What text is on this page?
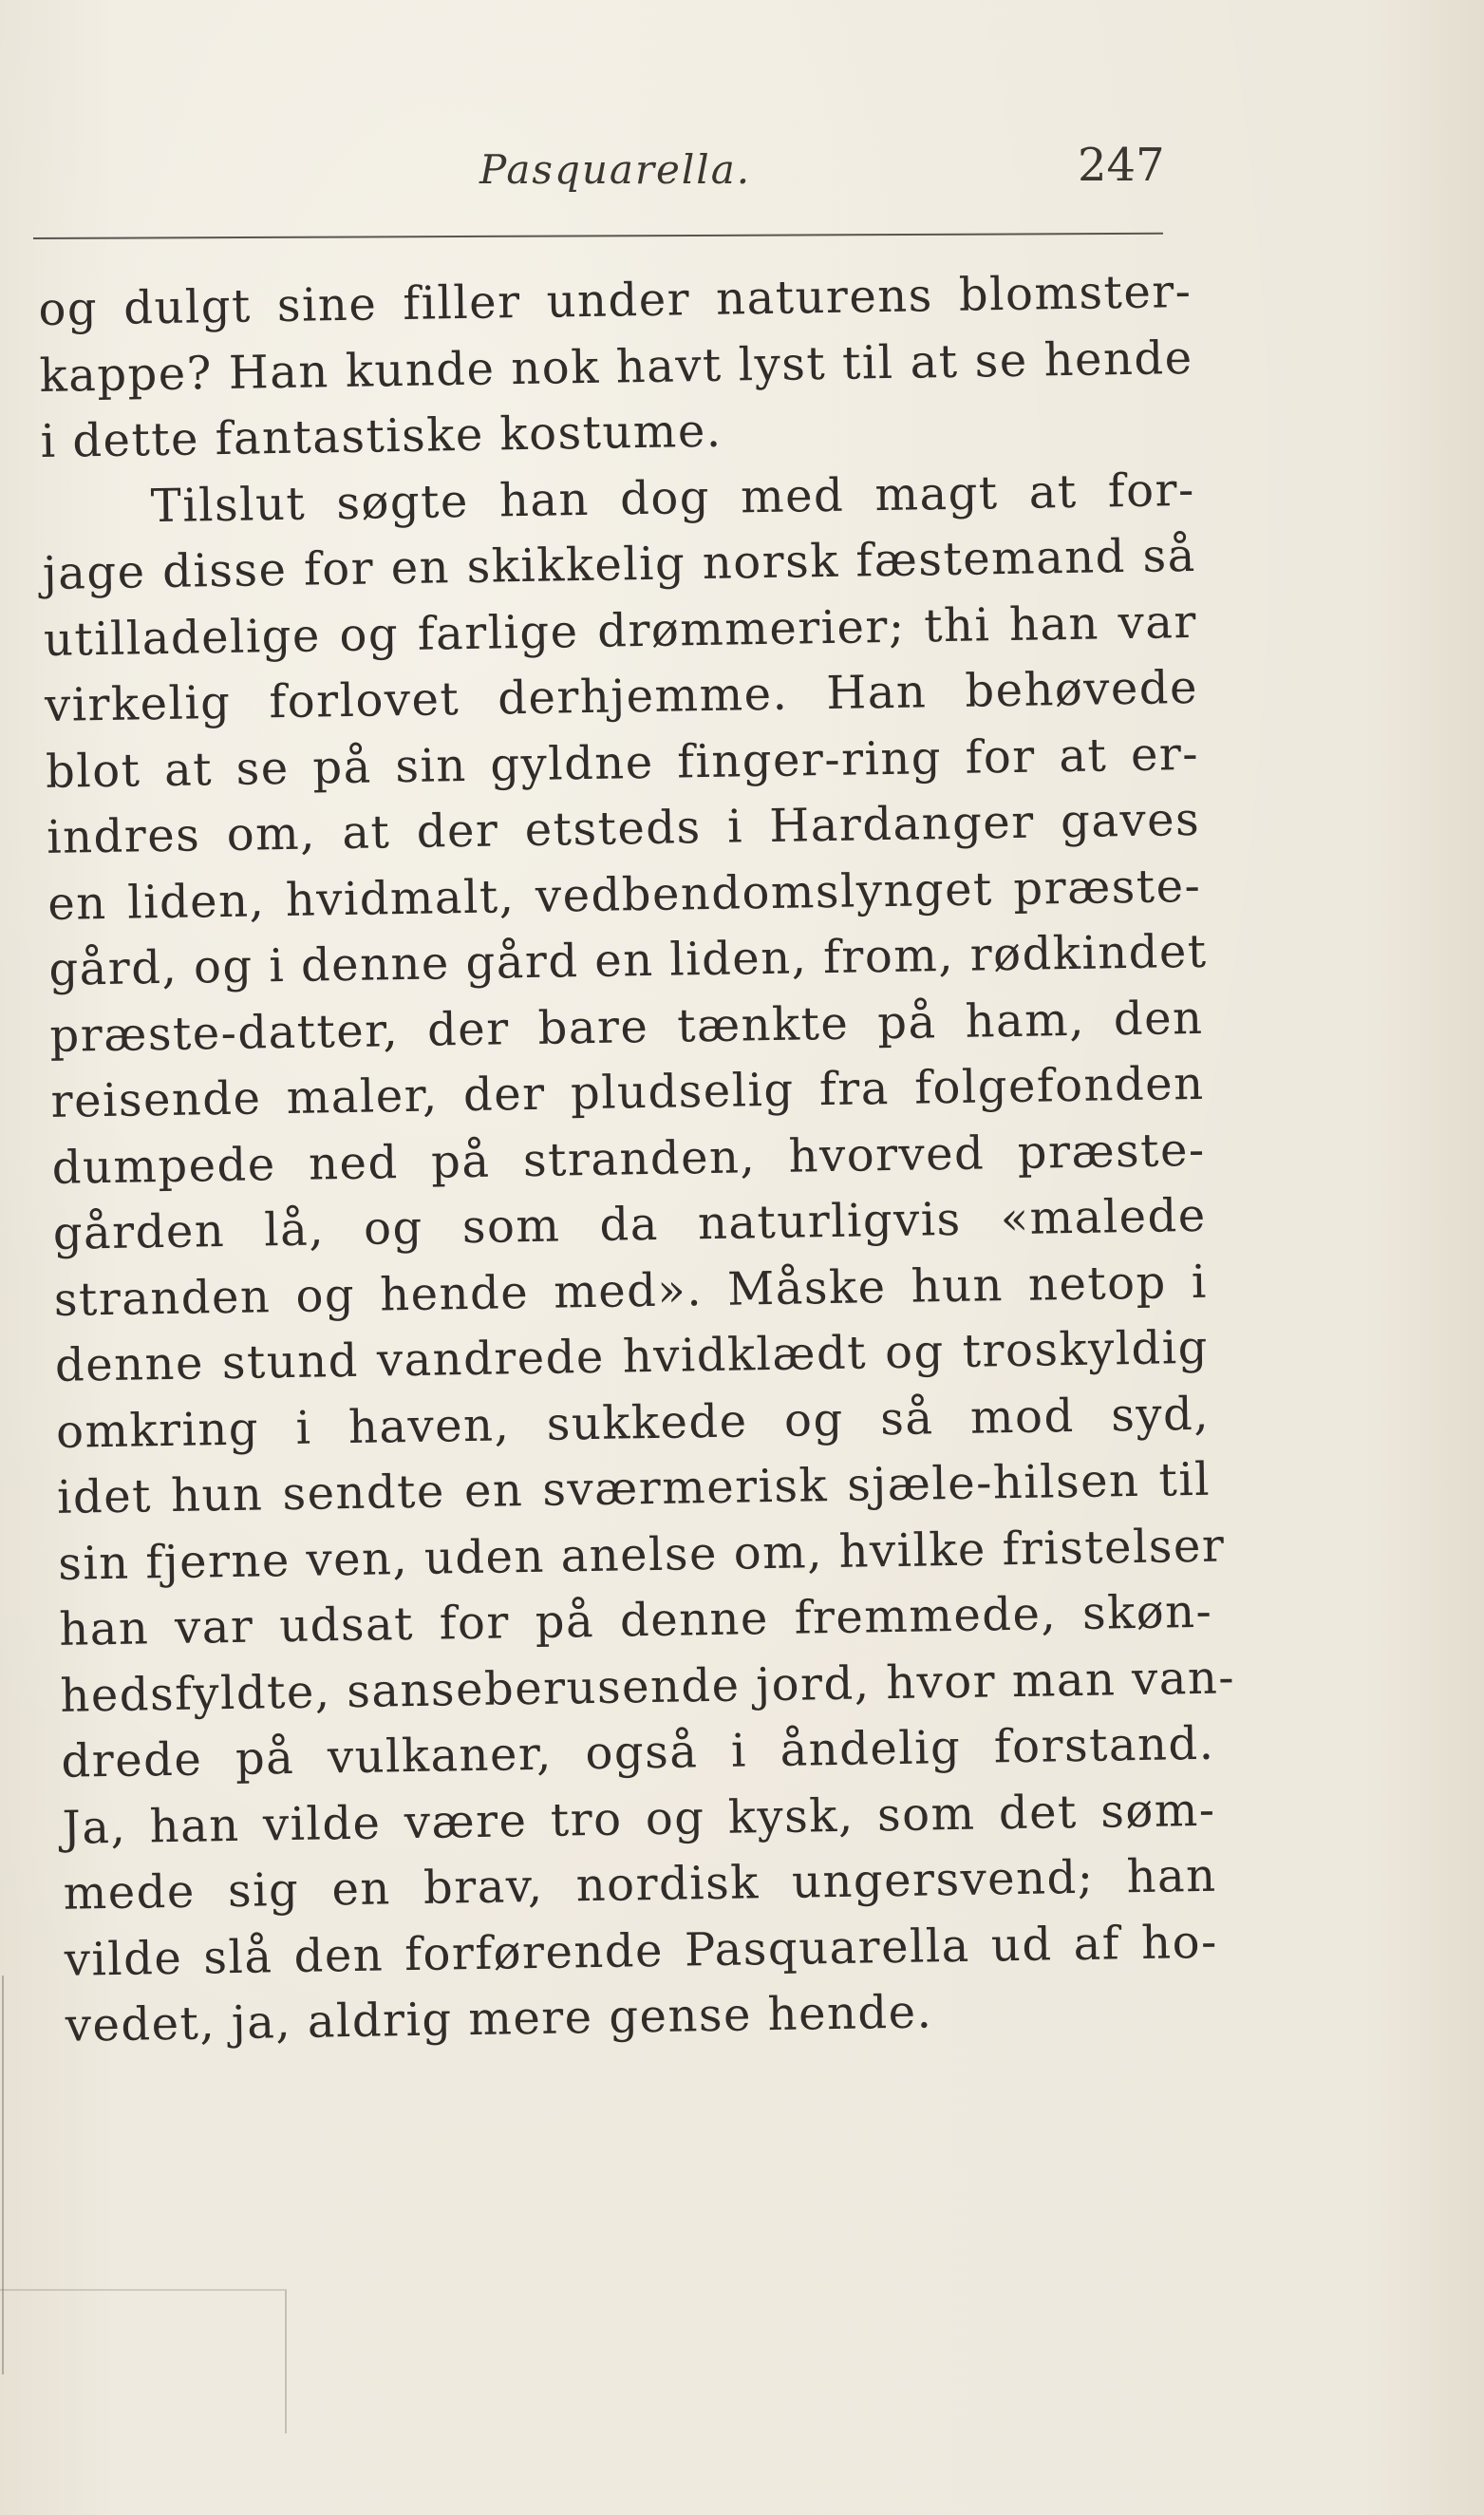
Pasquarella.	247
og dulgt sine filler under naturens blomster-
kappe? Han kunde nok havt lyst til at se hende
i dette fantastiske kostume.
Tilslut søgte han dog med magt at for-
jage disse for en skikkelig norsk fæstemand så
utilladelige og farlige drømmerier; thi han var
virkelig forlovet derhjemme. Han behøvede
blot at se på sin gyldne finger-ring for at er-
indres om, at der etsteds i Hardanger gaves
en liden, hvidmalt, vedbendomslynget præste-
gård, og i denne gård en liden, from, rødkindet
præste-datter, der bare tænkte på ham, den
reisende maler, der pludselig fra folgefonden
dumpede ned på stranden, hvorved præste-
gården lå, og som da naturligvis «malede
stranden og hende med». Måske hun netop i
denne stund vandrede hvidklædt og troskyldig
omkring i haven, sukkede og så mod syd,
idet hun sendte en sværmerisk sjæle-hilsen til
sin fjerne ven, uden anelse om, hvilke fristelser
han var udsat for på denne fremmede, skøn-
hedsfyldte, sanseberusende jord, hvor man van-
drede på vulkaner, også i åndelig forstand.
Ja, han vilde være tro og kysk, som det søm-
mede sig en brav, nordisk ungersvend; han
vilde slå den forførende Pasquarella ud af ho-
vedet, ja, aldrig mere gense hende.
